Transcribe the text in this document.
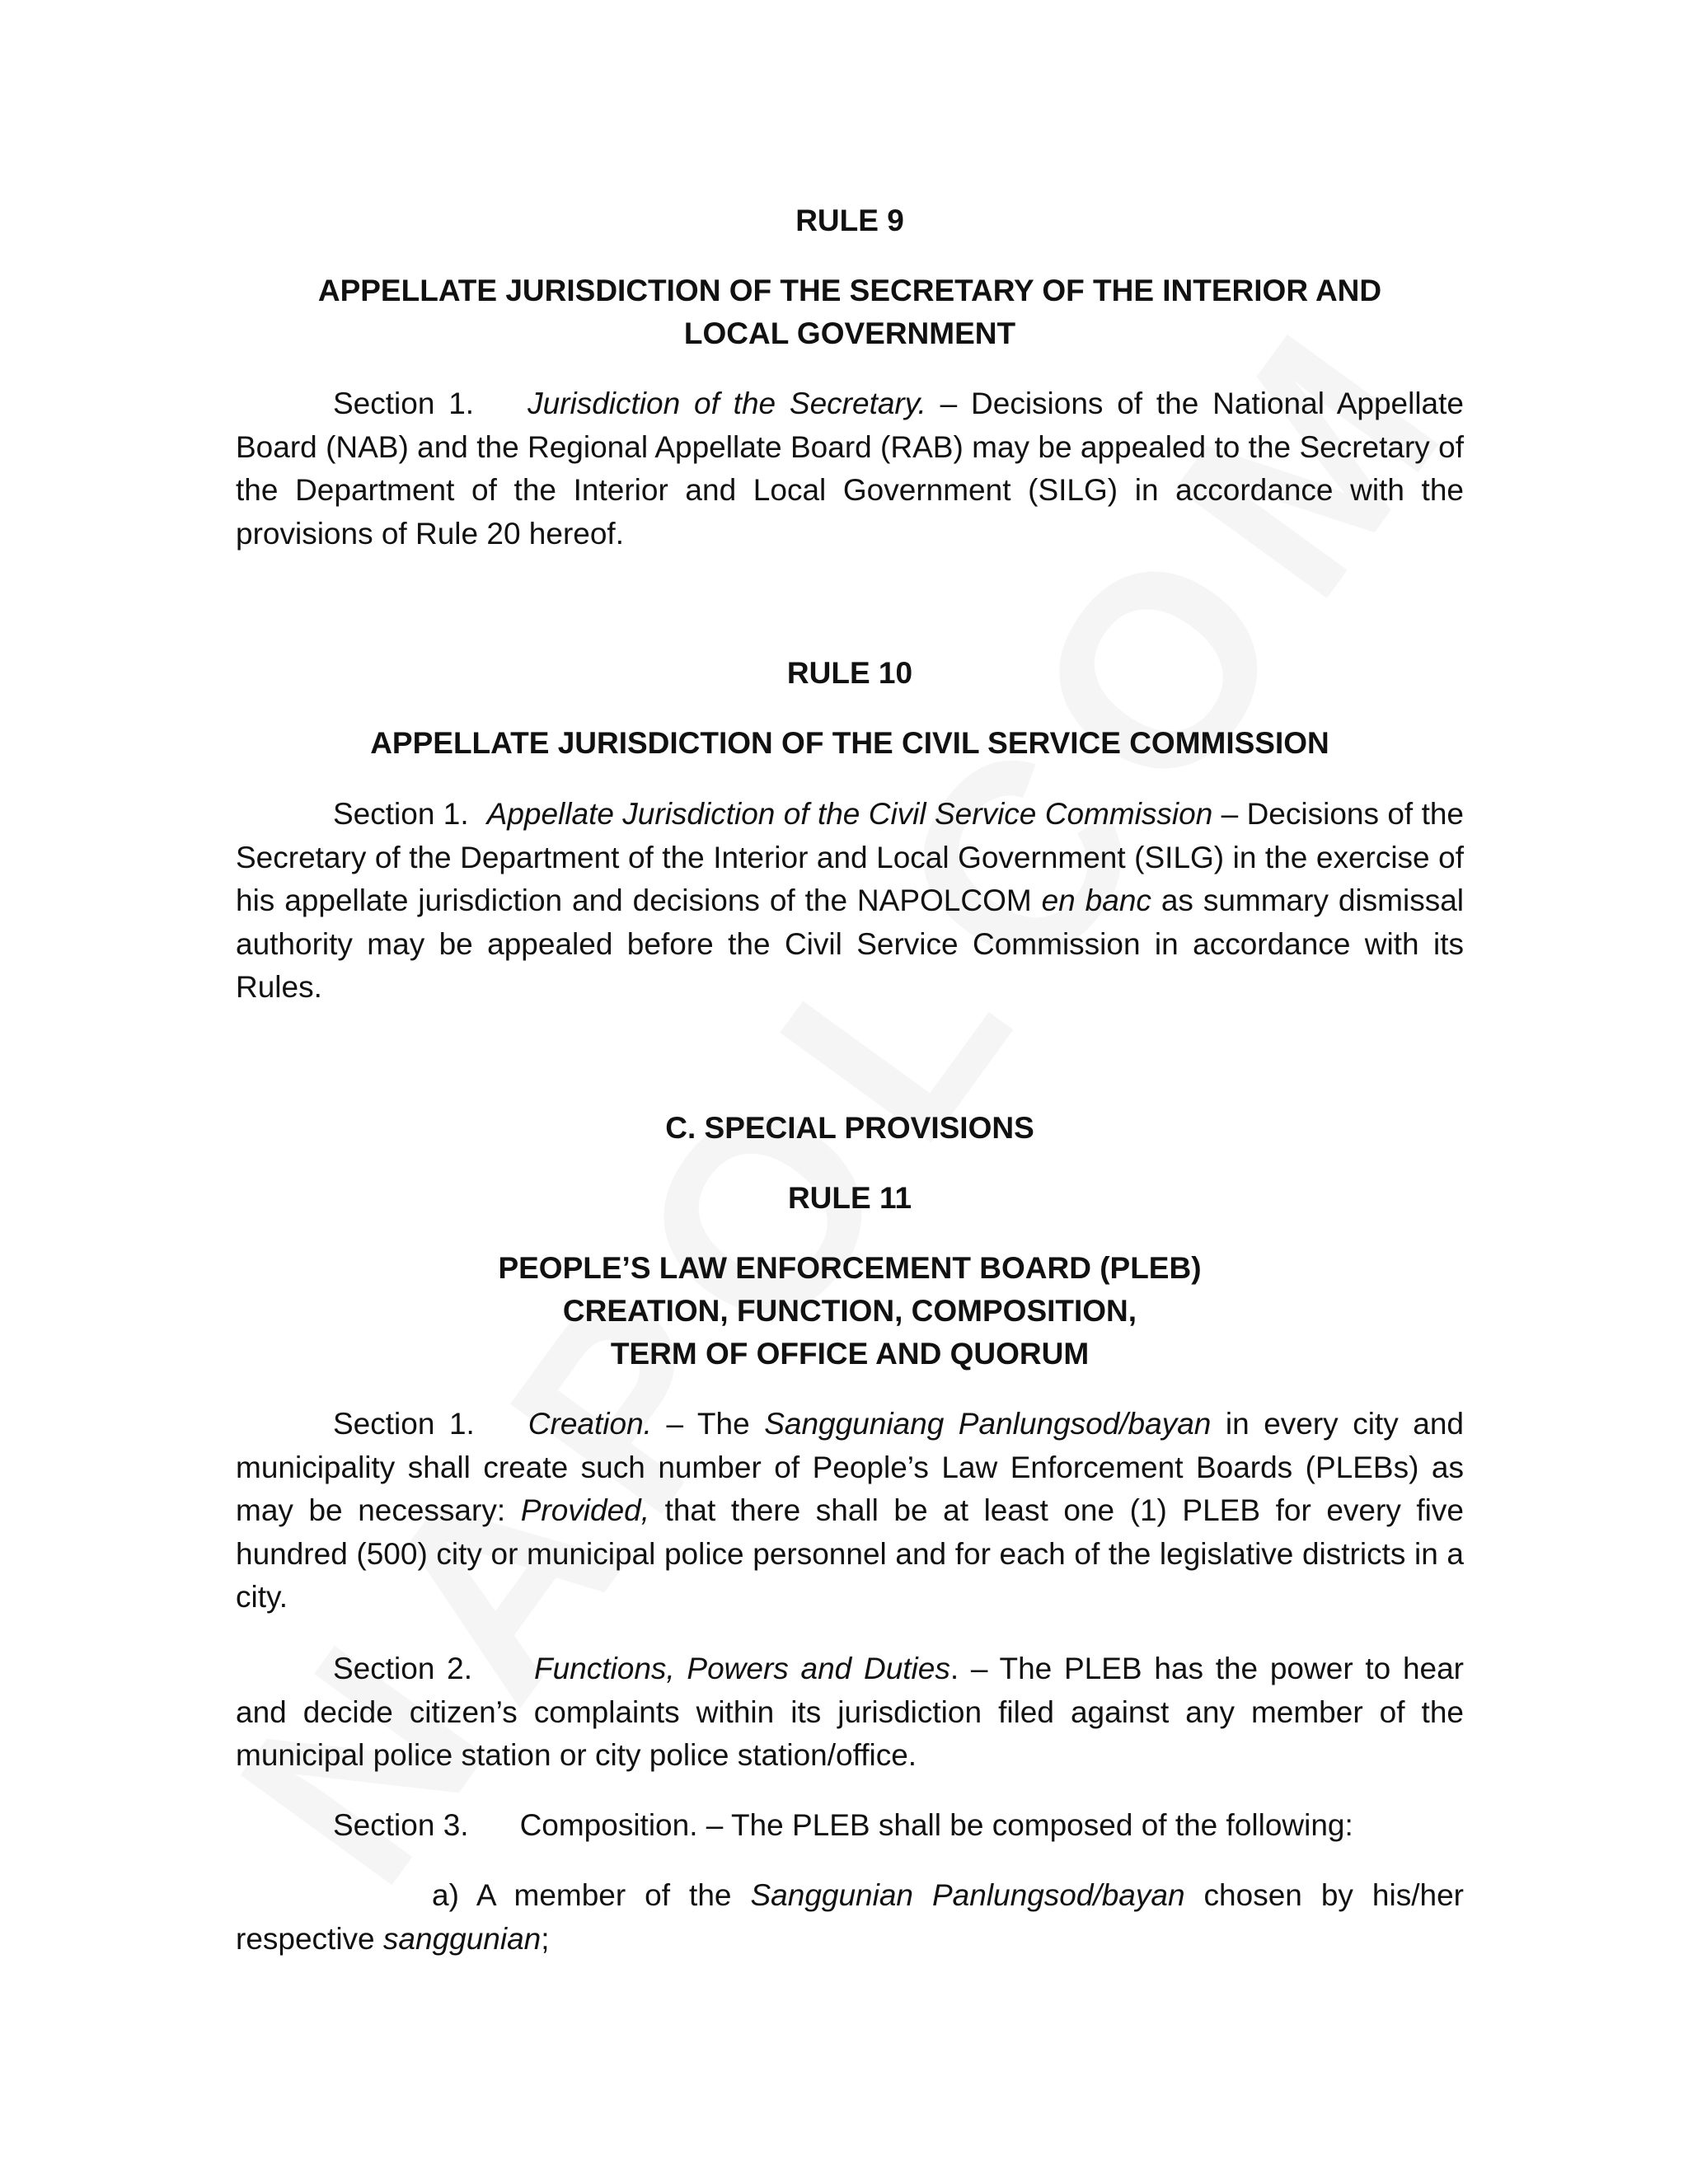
RULE 9

APPELLATE JURISDICTION OF THE SECRETARY OF THE INTERIOR AND

LOCAL GOVERNMENT

Section 1. Jurisdiction of the Secretary. – Decisions of the National Appellate Board (NAB) and the Regional Appellate Board (RAB) may be appealed to the Secretary of the Department of the Interior and Local Government (SILG) in accordance with the provisions of Rule 20 hereof.

RULE 10

APPELLATE JURISDICTION OF THE CIVIL SERVICE COMMISSION

Section 1. Appellate Jurisdiction of the Civil Service Commission – Decisions of the Secretary of the Department of the Interior and Local Government (SILG) in the exercise of his appellate jurisdiction and decisions of the NAPOLCOM en banc as summary dismissal authority may be appealed before the Civil Service Commission in accordance with its Rules.

C. SPECIAL PROVISIONS

RULE 11

PEOPLE’S LAW ENFORCEMENT BOARD (PLEB)

CREATION, FUNCTION, COMPOSITION,

TERM OF OFFICE AND QUORUM

Section 1. Creation. – The Sangguniang Panlungsod/bayan in every city and municipality shall create such number of People’s Law Enforcement Boards (PLEBs) as may be necessary: Provided, that there shall be at least one (1) PLEB for every five hundred (500) city or municipal police personnel and for each of the legislative districts in a city.

Section 2. Functions, Powers and Duties. – The PLEB has the power to hear and decide citizen’s complaints within its jurisdiction filed against any member of the municipal police station or city police station/office.

Section 3. Composition. – The PLEB shall be composed of the following:

a) A member of the Sanggunian Panlungsod/bayan chosen by his/her respective sanggunian;
